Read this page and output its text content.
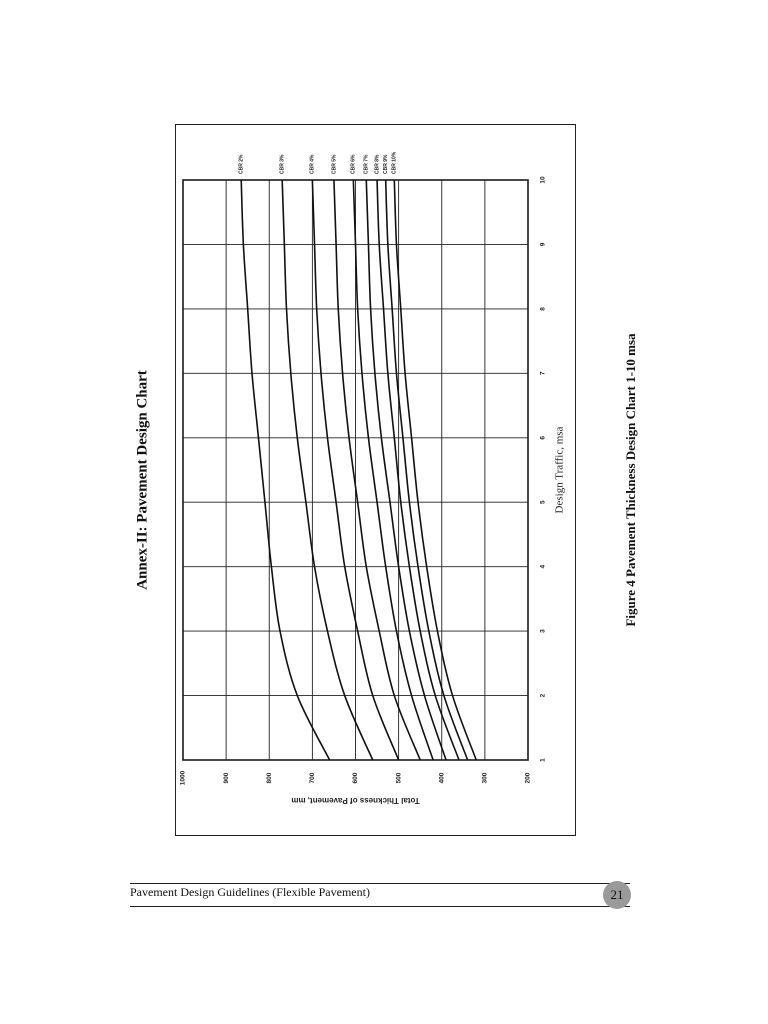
Annex-II: Pavement Design Chart
1
2
3
4
5
6
7
8
9
10
200
300
400
500
600
700
800
900
1000
Design Traffic, msa
Total Thickness of Pavement, mm
CBR 2%	CBR 3%	CBR 4%	CBR 5%	CBR 6% CBR 7% CBR 8% CBR 9% CBR 10%
Figure 4 Pavement Thickness Design Chart 1-10 msa
Pavement Design Guidelines (Flexible Pavement)	21
